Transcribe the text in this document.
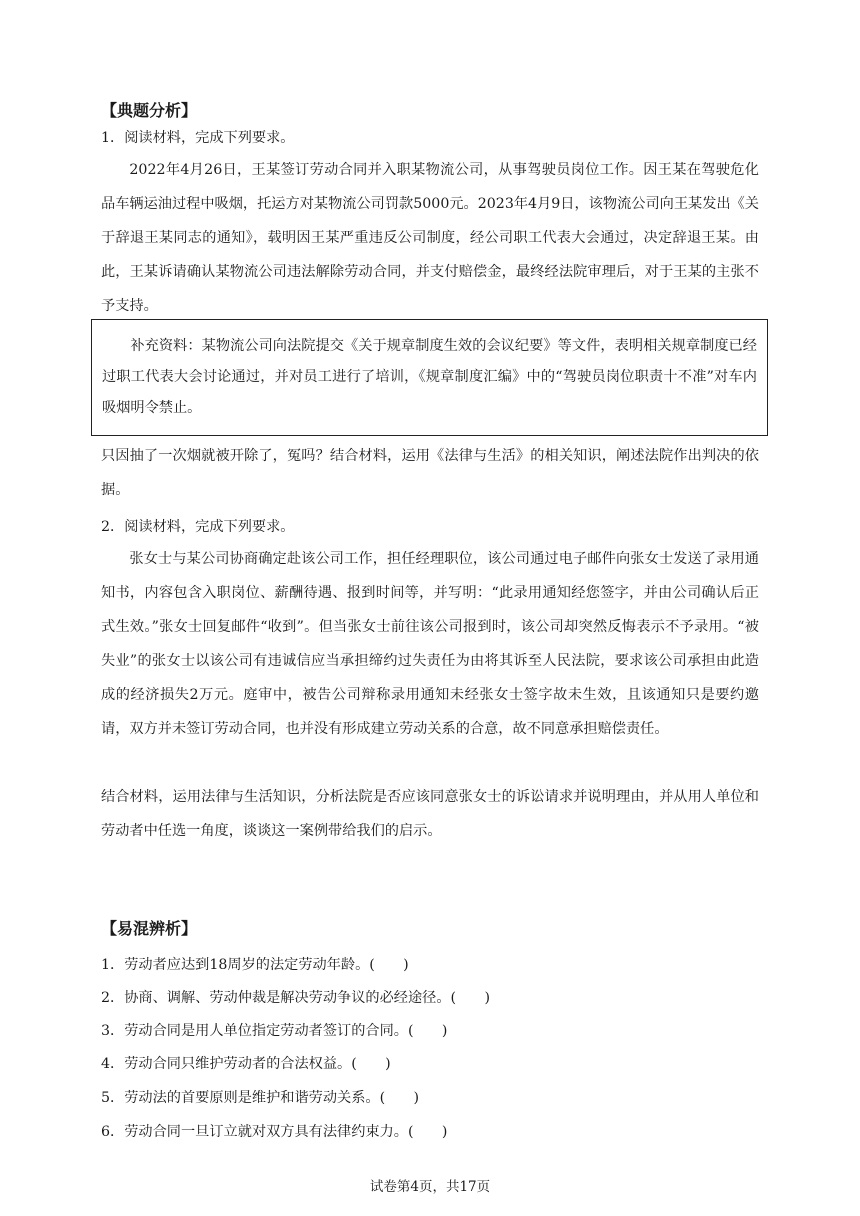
【典题分析】
1．阅读材料，完成下列要求。
2022年4月26日，王某签订劳动合同并入职某物流公司，从事驾驶员岗位工作。因王某在驾驶危化品车辆运油过程中吸烟，托运方对某物流公司罚款5000元。2023年4月9日，该物流公司向王某发出《关于辞退王某同志的通知》，载明因王某严重违反公司制度，经公司职工代表大会通过，决定辞退王某。由此，王某诉请确认某物流公司违法解除劳动合同，并支付赔偿金，最终经法院审理后，对于王某的主张不予支持。
补充资料：某物流公司向法院提交《关于规章制度生效的会议纪要》等文件，表明相关规章制度已经过职工代表大会讨论通过，并对员工进行了培训，《规章制度汇编》中的“驾驶员岗位职责十不准”对车内吸烟明令禁止。
只因抽了一次烟就被开除了，冤吗？结合材料，运用《法律与生活》的相关知识，阐述法院作出判决的依据。
2．阅读材料，完成下列要求。
张女士与某公司协商确定赴该公司工作，担任经理职位，该公司通过电子邮件向张女士发送了录用通知书，内容包含入职岗位、薪酬待遇、报到时间等，并写明：“此录用通知经您签字，并由公司确认后正式生效。”张女士回复邮件“收到”。但当张女士前往该公司报到时，该公司却突然反悔表示不予录用。“被失业”的张女士以该公司有违诚信应当承担缔约过失责任为由将其诉至人民法院，要求该公司承担由此造成的经济损失2万元。庭审中，被告公司辩称录用通知未经张女士签字故未生效，且该通知只是要约邀请，双方并未签订劳动合同，也并没有形成建立劳动关系的合意，故不同意承担赔偿责任。
结合材料，运用法律与生活知识，分析法院是否应该同意张女士的诉讼请求并说明理由，并从用人单位和劳动者中任选一角度，谈谈这一案例带给我们的启示。
【易混辨析】
1．劳动者应达到18周岁的法定劳动年龄。(　　)
2．协商、调解、劳动仲裁是解决劳动争议的必经途径。(　　)
3．劳动合同是用人单位指定劳动者签订的合同。(　　)
4．劳动合同只维护劳动者的合法权益。(　　)
5．劳动法的首要原则是维护和谐劳动关系。(　　)
6．劳动合同一旦订立就对双方具有法律约束力。(　　)
试卷第4页，共17页
